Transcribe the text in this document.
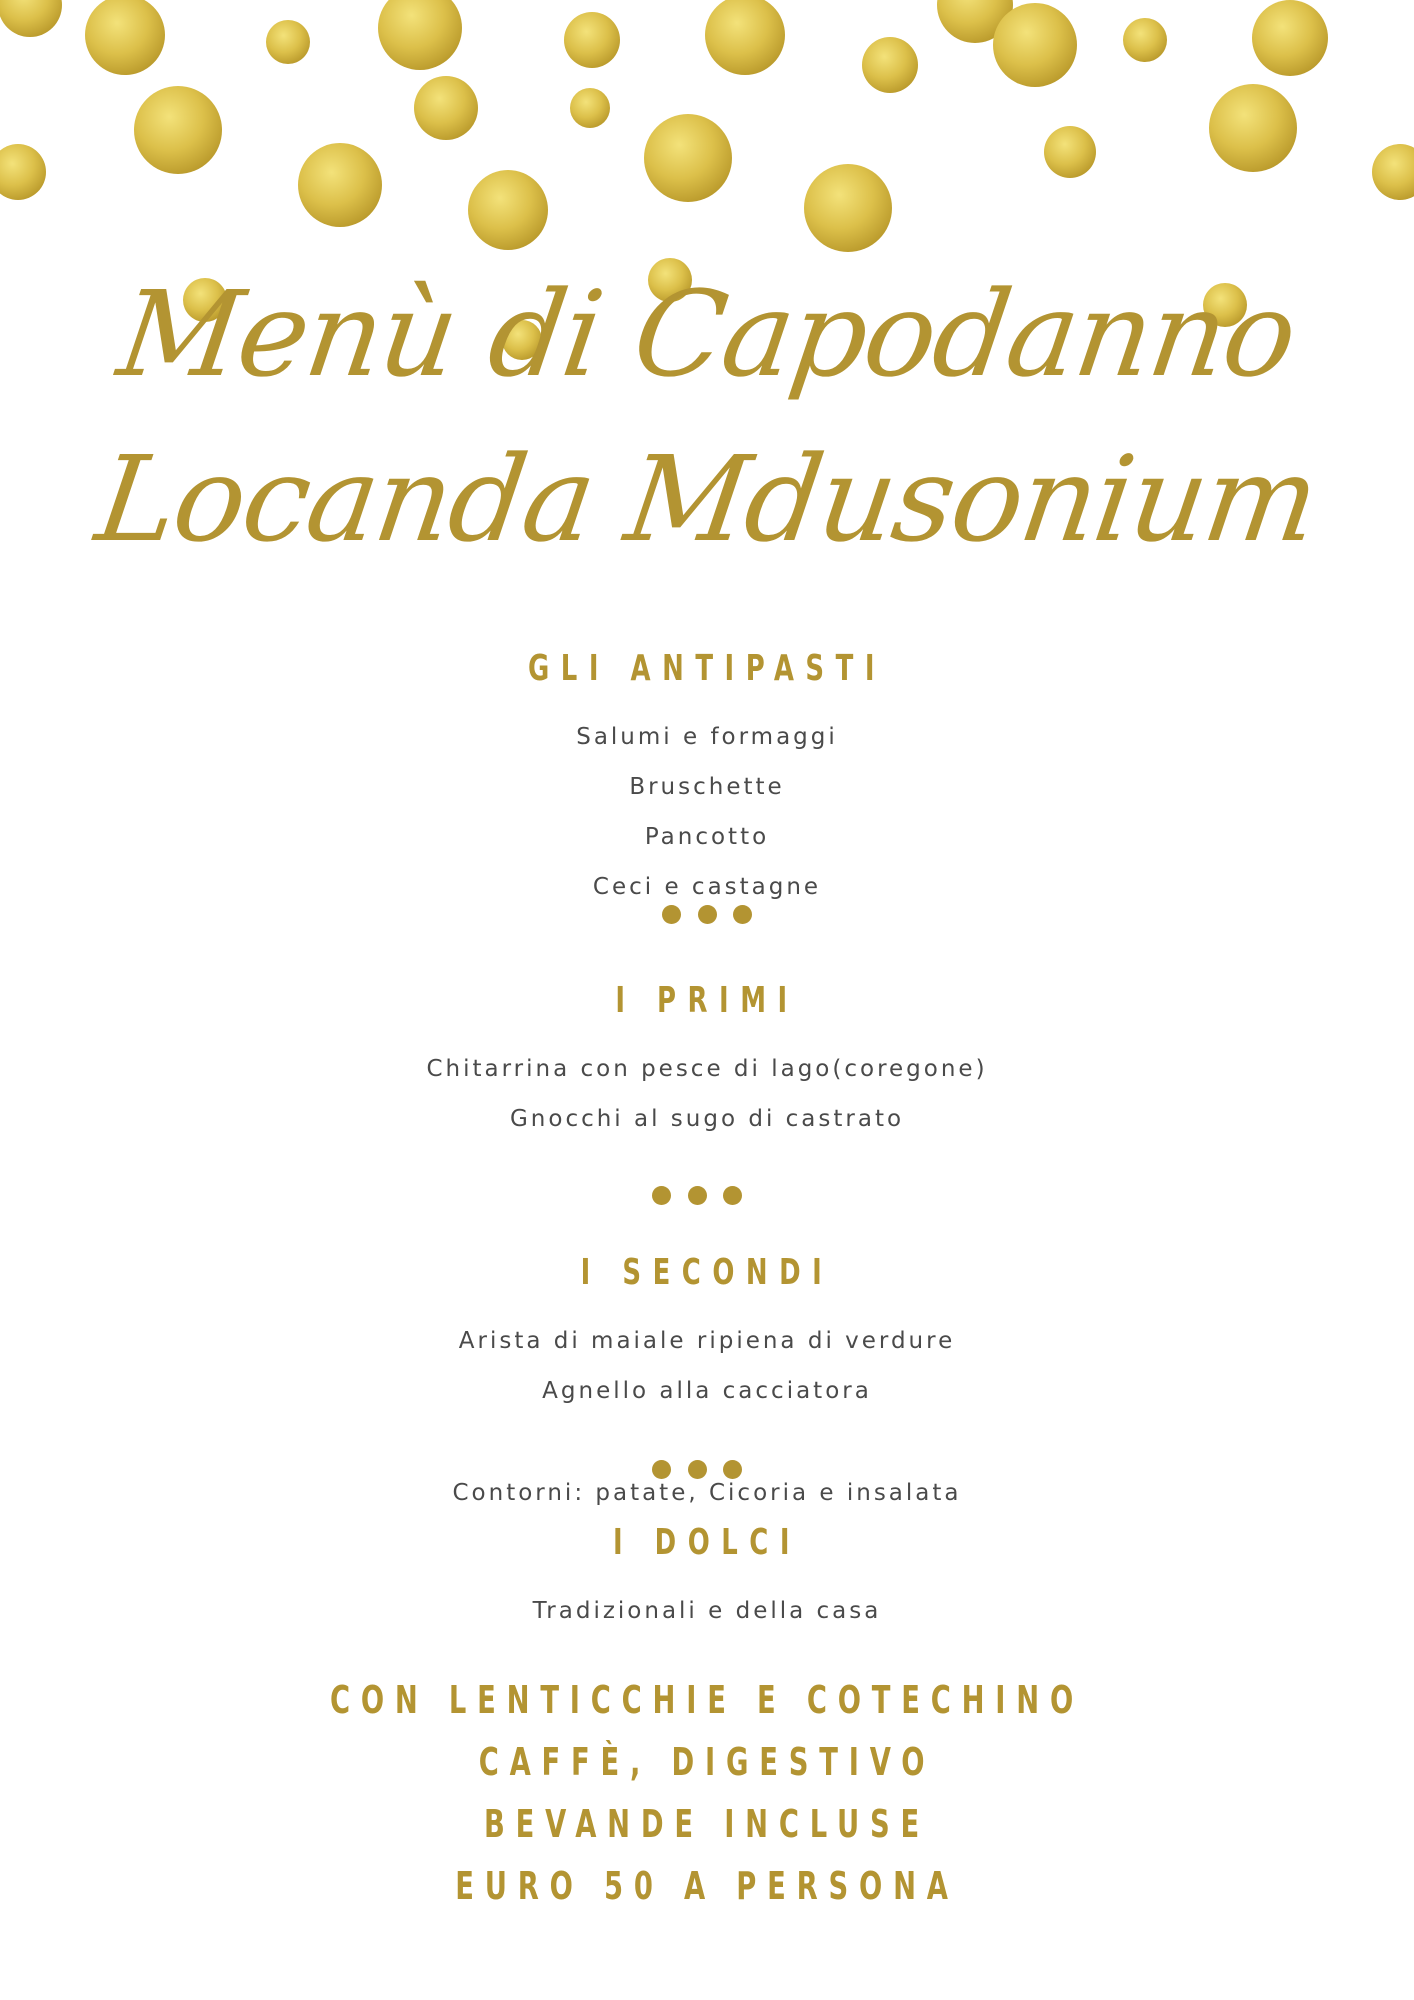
Menù di Capodanno
Locanda Mdusonium
GLI ANTIPASTI
Salumi e formaggi
Bruschette
Pancotto
Ceci e castagne
I PRIMI
Chitarrina con pesce di lago(coregone)
Gnocchi al sugo di castrato
I SECONDI
Arista di maiale ripiena di verdure
Agnello alla cacciatora
Contorni: patate, Cicoria e insalata
I DOLCI
Tradizionali e della casa
CON LENTICCHIE E COTECHINO
CAFFÈ, DIGESTIVO
BEVANDE INCLUSE
EURO 50 A PERSONA
